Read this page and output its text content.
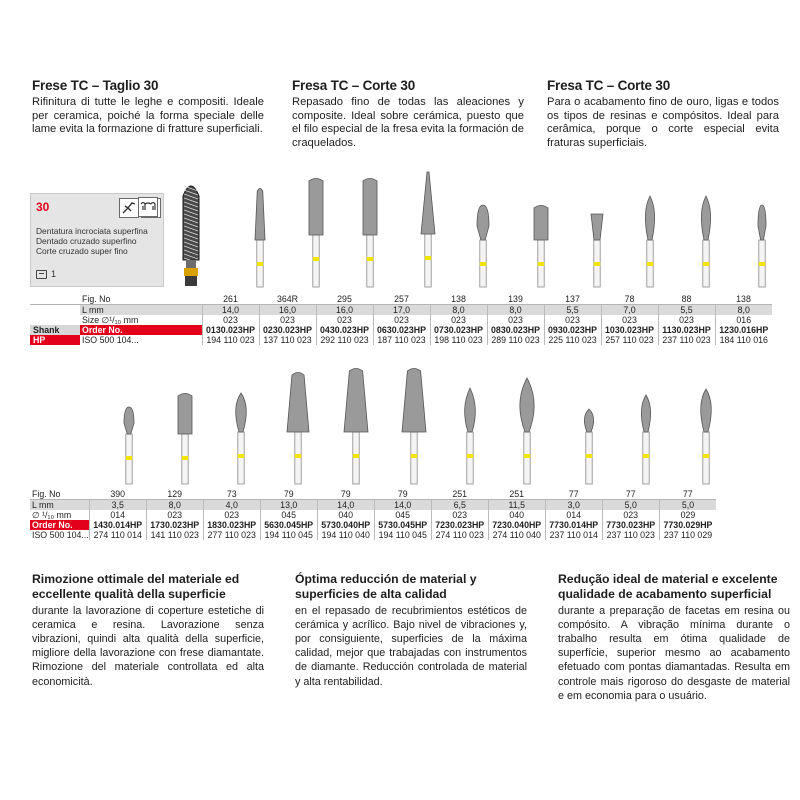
Frese TC – Taglio 30

Rifinitura di tutte le leghe e compositi. Ideale per ceramica, poiché la forma speciale delle lame evita la formazione di fratture superficiali.

Fresa TC – Corte 30

Repasado fino de todas las aleaciones y composite. Ideal sobre cerámica, puesto que el filo especial de la fresa evita la formación de craquelados.

Fresa TC – Corte 30

Para o acabamento fino de ouro, ligas e todos os tipos de resinas e compósitos. Ideal para cerâmica, porque o corte especial evita fraturas superficiais.

30
Dentatura incrociata superfina
Dentado cruzado superfino
Corte cruzado super fino
1
	Fig. No	261	364R	295	257	138	139	137	78	88	138
	L mm	14,0	16,0	16,0	17,0	8,0	8,0	5,5	7,0	5,5	8,0
	Size ∅¹/₁₀ mm	023	023	023	023	023	023	023	023	023	016
Shank	Order No.	0130.023HP	0230.023HP	0430.023HP	0630.023HP	0730.023HP	0830.023HP	0930.023HP	1030.023HP	1130.023HP	1230.016HP
HP	ISO 500 104...	194 110 023	137 110 023	292 110 023	187 110 023	198 110 023	289 110 023	225 110 023	257 110 023	237 110 023	184 110 016
Fig. No	390	129	73	79	79	79	251	251	77	77	77
L mm	3,5	8,0	4,0	13,0	14,0	14,0	6,5	11,5	3,0	5,0	5,0
∅ ¹/₁₀ mm	014	023	023	045	040	045	023	040	014	023	029
Order No.	1430.014HP	1730.023HP	1830.023HP	5630.045HP	5730.040HP	5730.045HP	7230.023HP	7230.040HP	7730.014HP	7730.023HP	7730.029HP
ISO 500 104...	274 110 014	141 110 023	277 110 023	194 110 045	194 110 040	194 110 045	274 110 023	274 110 040	237 110 014	237 110 023	237 110 029
Rimozione ottimale del materiale ed eccellente qualità della superficie

durante la lavorazione di coperture estetiche di ceramica e resina. Lavorazione senza vibrazioni, quindi alta qualità della superficie, migliore della lavorazione con frese diamantate. Rimozione del materiale controllata ed alta economicità.

Óptima reducción de material y superficies de alta calidad

en el repasado de recubrimientos estéticos de cerámica y acrílico. Bajo nivel de vibraciones y, por consiguiente, superficies de la máxima calidad, mejor que trabajadas con instrumentos de diamante. Reducción controlada de material y alta rentabilidad.

Redução ideal de material e excelente qualidade de acabamento superficial

durante a preparação de facetas em resina ou compósito. A vibração mínima durante o trabalho resulta em ótima qualidade de superfície, superior mesmo ao acabamento efetuado com pontas diamantadas. Resulta em controle mais rigoroso do desgaste de material e em economia para o usuário.
